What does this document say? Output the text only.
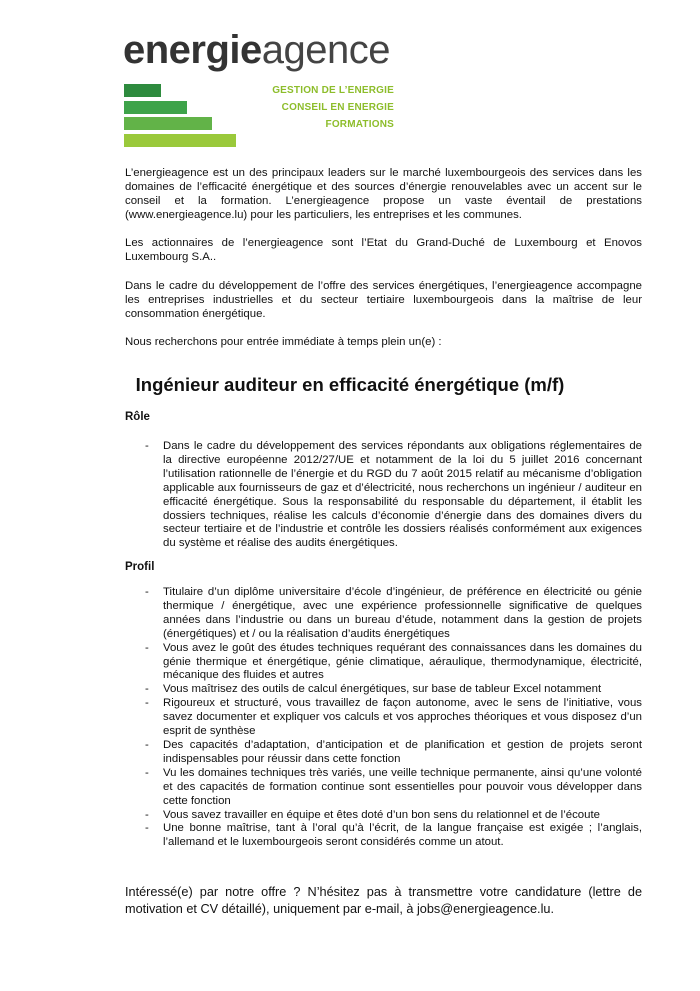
energieagence
GESTION DE L’ENERGIE
CONSEIL EN ENERGIE
FORMATIONS

L’energieagence est un des principaux leaders sur le marché luxembourgeois des services dans les domaines de l’efficacité énergétique et des sources d’énergie renouvelables avec un accent sur le conseil et la formation. L’energieagence propose un vaste éventail de prestations (www.energieagence.lu) pour les particuliers, les entreprises et les communes.

Les actionnaires de l’energieagence sont l’Etat du Grand-Duché de Luxembourg et Enovos Luxembourg S.A..

Dans le cadre du développement de l’offre des services énergétiques, l’energieagence accompagne les entreprises industrielles et du secteur tertiaire luxembourgeois dans la maîtrise de leur consommation énergétique.

Nous recherchons pour entrée immédiate à temps plein un(e) :

Ingénieur auditeur en efficacité énergétique (m/f)
Rôle
- Dans le cadre du développement des services répondants aux obligations réglementaires de la directive européenne 2012/27/UE et notamment de la loi du 5 juillet 2016 concernant l’utilisation rationnelle de l’énergie et du RGD du 7 août 2015 relatif au mécanisme d’obligation applicable aux fournisseurs de gaz et d’électricité, nous recherchons un ingénieur / auditeur en efficacité énergétique. Sous la responsabilité du responsable du département, il établit les dossiers techniques, réalise les calculs d’économie d’énergie dans des domaines divers du secteur tertiaire et de l’industrie et contrôle les dossiers réalisés conformément aux exigences du système et réalise des audits énergétiques.
Profil
- Titulaire d’un diplôme universitaire d’école d’ingénieur, de préférence en électricité ou génie thermique / énergétique, avec une expérience professionnelle significative de quelques années dans l’industrie ou dans un bureau d’étude, notamment dans la gestion de projets (énergétiques) et / ou la réalisation d’audits énergétiques
- Vous avez le goût des études techniques requérant des connaissances dans les domaines du génie thermique et énergétique, génie climatique, aéraulique, thermodynamique, électricité, mécanique des fluides et autres
- Vous maîtrisez des outils de calcul énergétiques, sur base de tableur Excel notamment
- Rigoureux et structuré, vous travaillez de façon autonome, avec le sens de l’initiative, vous savez documenter et expliquer vos calculs et vos approches théoriques et vous disposez d’un esprit de synthèse
- Des capacités d’adaptation, d’anticipation et de planification et gestion de projets seront indispensables pour réussir dans cette fonction
- Vu les domaines techniques très variés, une veille technique permanente, ainsi qu’une volonté et des capacités de formation continue sont essentielles pour pouvoir vous développer dans cette fonction
- Vous savez travailler en équipe et êtes doté d’un bon sens du relationnel et de l’écoute
- Une bonne maîtrise, tant à l’oral qu’à l’écrit, de la langue française est exigée ; l’anglais, l’allemand et le luxembourgeois seront considérés comme un atout.

Intéressé(e) par notre offre ? N’hésitez pas à transmettre votre candidature (lettre de motivation et CV détaillé), uniquement par e-mail, à jobs@energieagence.lu.
